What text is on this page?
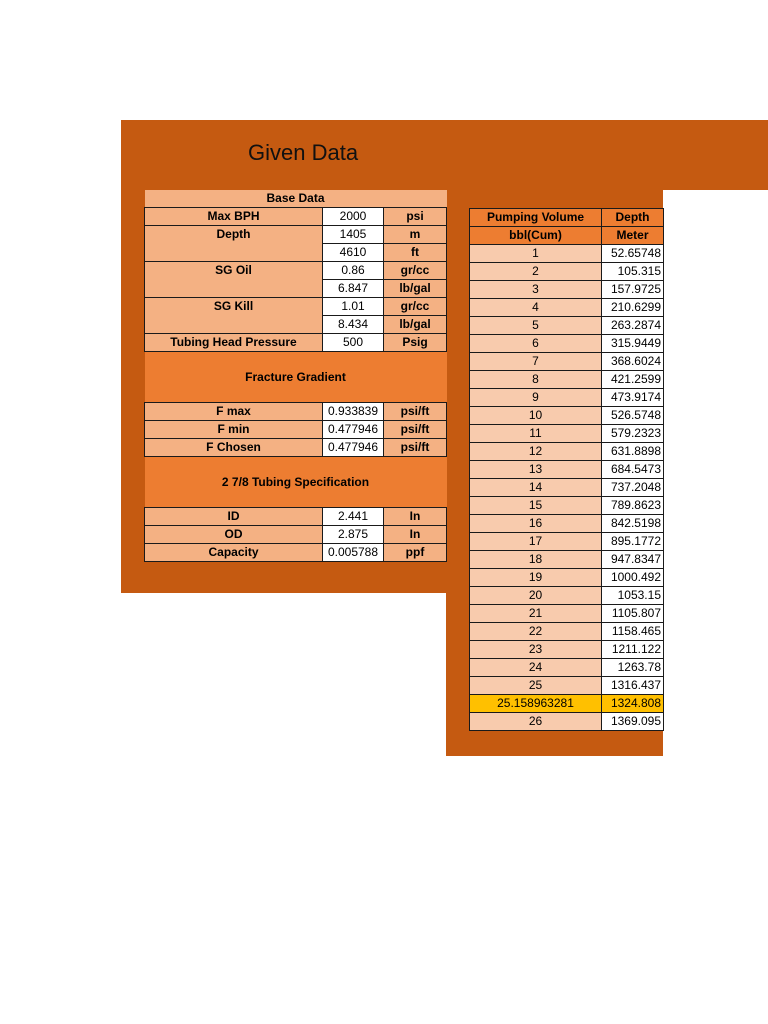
Given Data
Base Data		
Max BPH	2000	psi
Depth	1405	m
	4610	ft
SG Oil	0.86	gr/cc
	6.847	lb/gal
SG Kill	1.01	gr/cc
	8.434	lb/gal
Tubing Head Pressure	500	Psig
Fracture Gradient		
F max	0.933839	psi/ft
F min	0.477946	psi/ft
F Chosen	0.477946	psi/ft
2 7/8 Tubing Specification		
ID	2.441	In
OD	2.875	In
Capacity	0.005788	ppf
Pumping Volume	Depth
bbl(Cum)	Meter
1	52.65748
2	105.315
3	157.9725
4	210.6299
5	263.2874
6	315.9449
7	368.6024
8	421.2599
9	473.9174
10	526.5748
11	579.2323
12	631.8898
13	684.5473
14	737.2048
15	789.8623
16	842.5198
17	895.1772
18	947.8347
19	1000.492
20	1053.15
21	1105.807
22	1158.465
23	1211.122
24	1263.78
25	1316.437
25.158963281	1324.808
26	1369.095
